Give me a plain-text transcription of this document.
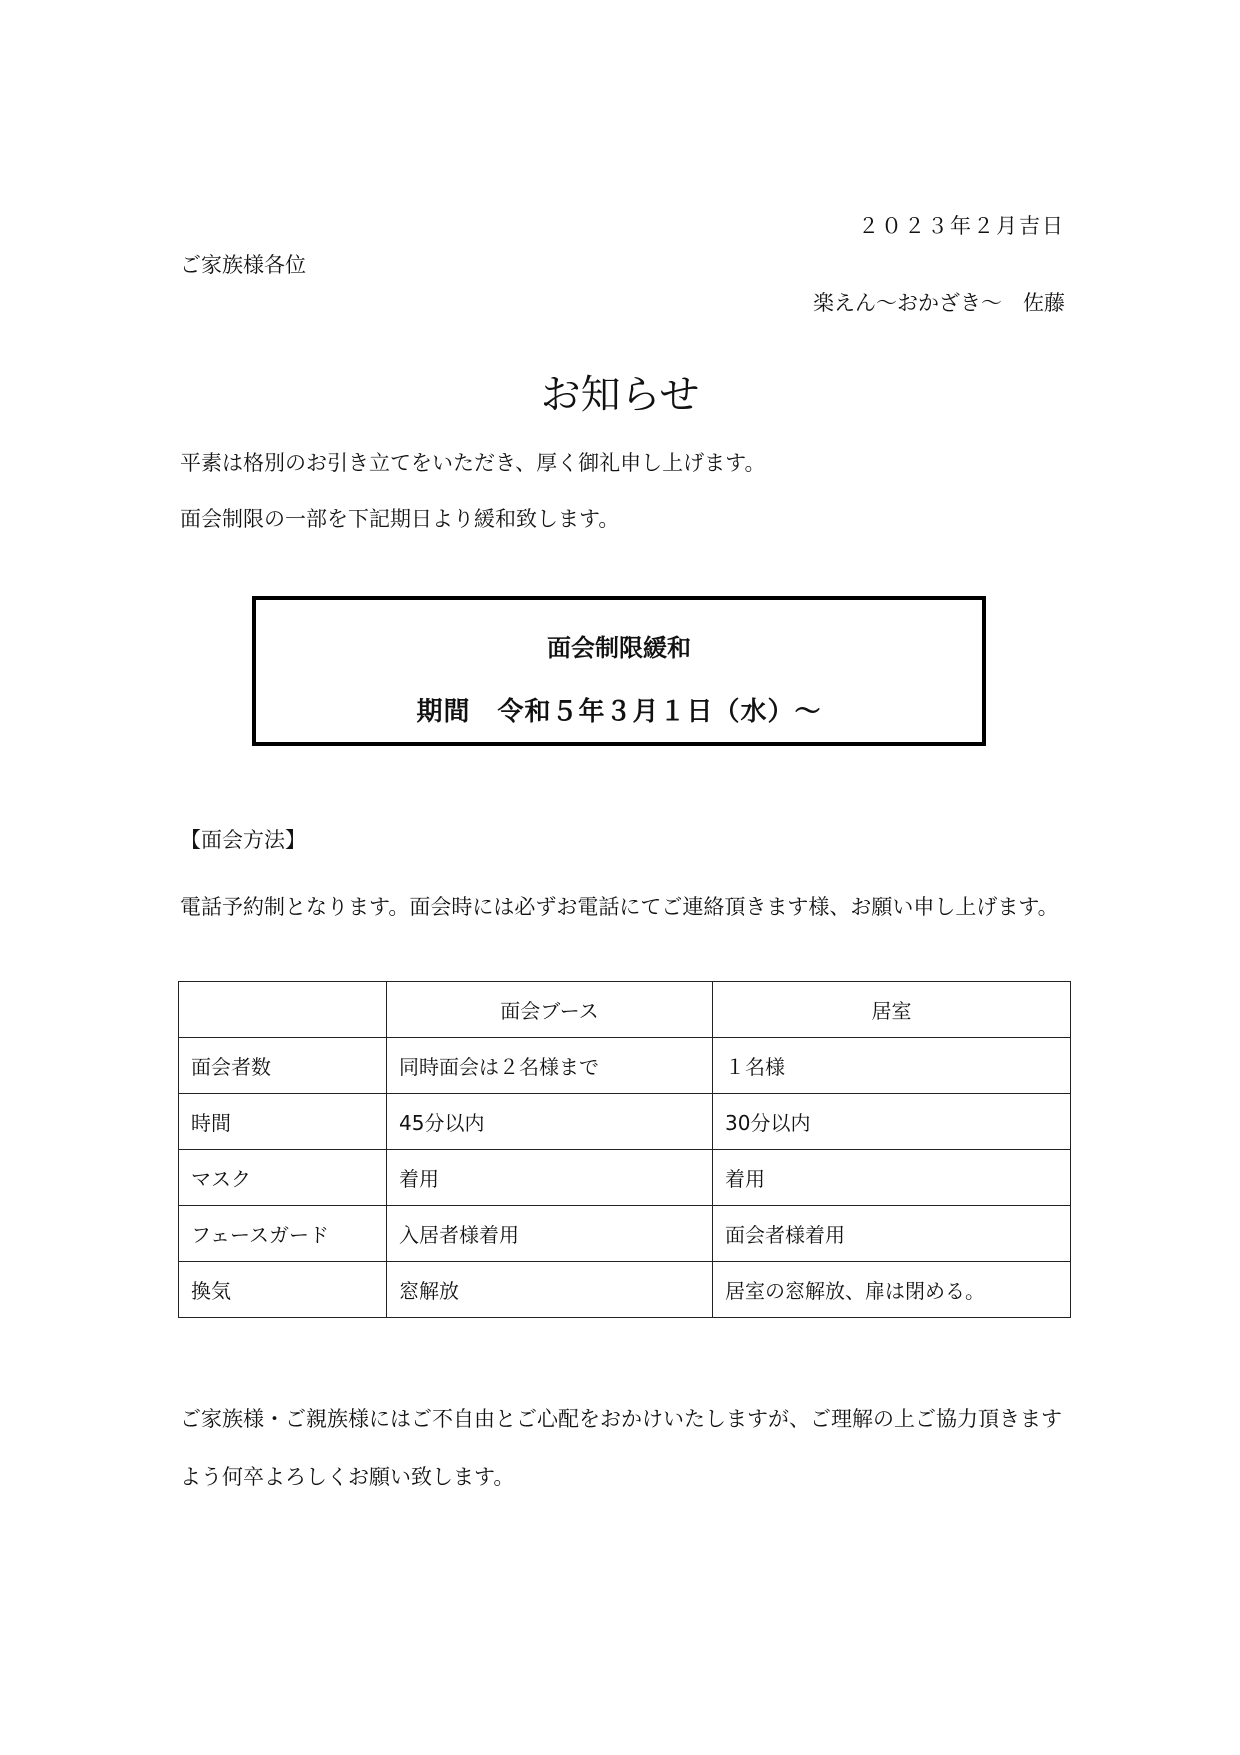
２０２３年２月吉日
ご家族様各位
楽えん〜おかざき〜　佐藤
お知らせ
平素は格別のお引き立てをいただき、厚く御礼申し上げます。
面会制限の一部を下記期日より緩和致します。
面会制限緩和
期間　令和５年３月１日（水）〜
【面会方法】
電話予約制となります。面会時には必ずお電話にてご連絡頂きます様、お願い申し上げます。
	面会ブース	居室
面会者数	同時面会は２名様まで	１名様
時間	45分以内	30分以内
マスク	着用	着用
フェースガード	入居者様着用	面会者様着用
換気	窓解放	居室の窓解放、扉は閉める。
ご家族様・ご親族様にはご不自由とご心配をおかけいたしますが、ご理解の上ご協力頂きますよう何卒よろしくお願い致します。
